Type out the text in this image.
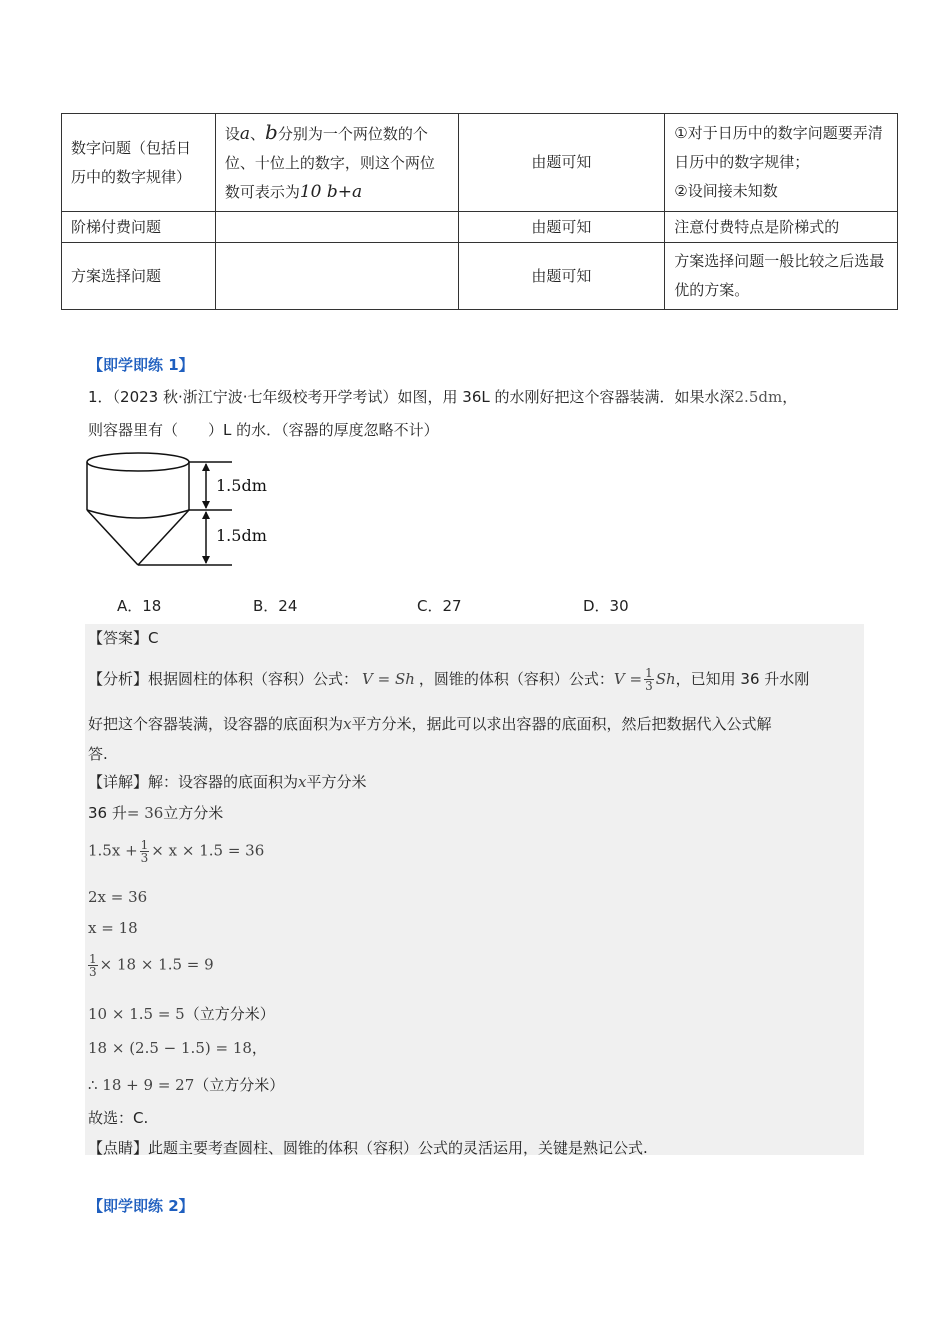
数字问题（包括日历中的数字规律）	设a、b分别为一个两位数的个位、十位上的数字，则这个两位数可表示为10 b+a	由题可知	①对于日历中的数字问题要弄清日历中的数字规律；
②设间接未知数

阶梯付费问题		由题可知	注意付费特点是阶梯式的
方案选择问题		由题可知	方案选择问题一般比较之后选最优的方案。
【即学即练 1】
1．（2023 秋·浙江宁波·七年级校考开学考试）如图，用 36L 的水刚好把这个容器装满．如果水深2.5dm，
则容器里有（　　）L 的水．（容器的厚度忽略不计）
1.5dm
1.5dm
A．18	B．24	C．27	D．30
【答案】C
【分析】根据圆柱的体积（容积）公式： V = Sh ，圆锥的体积（容积）公式：$V = \frac{1}{3}$ Sh，已知用 36 升水刚
好把这个容器装满，设容器的底面积为x平方分米，据此可以求出容器的底面积，然后把数据代入公式解
答.
【详解】解：设容器的底面积为x平方分米
36 升= 36立方分米
$1.5x + \frac{1}{3} \times x \times 1.5 = 36$
2x = 36
x = 18
$\frac{1}{3} \times 18 \times 1.5 = 9$
10 × 1.5 = 5（立方分米）
18 × (2.5 − 1.5) = 18，
∴ 18 + 9 = 27（立方分米）
故选：C.
【点睛】此题主要考查圆柱、圆锥的体积（容积）公式的灵活运用，关键是熟记公式.
【即学即练 2】
